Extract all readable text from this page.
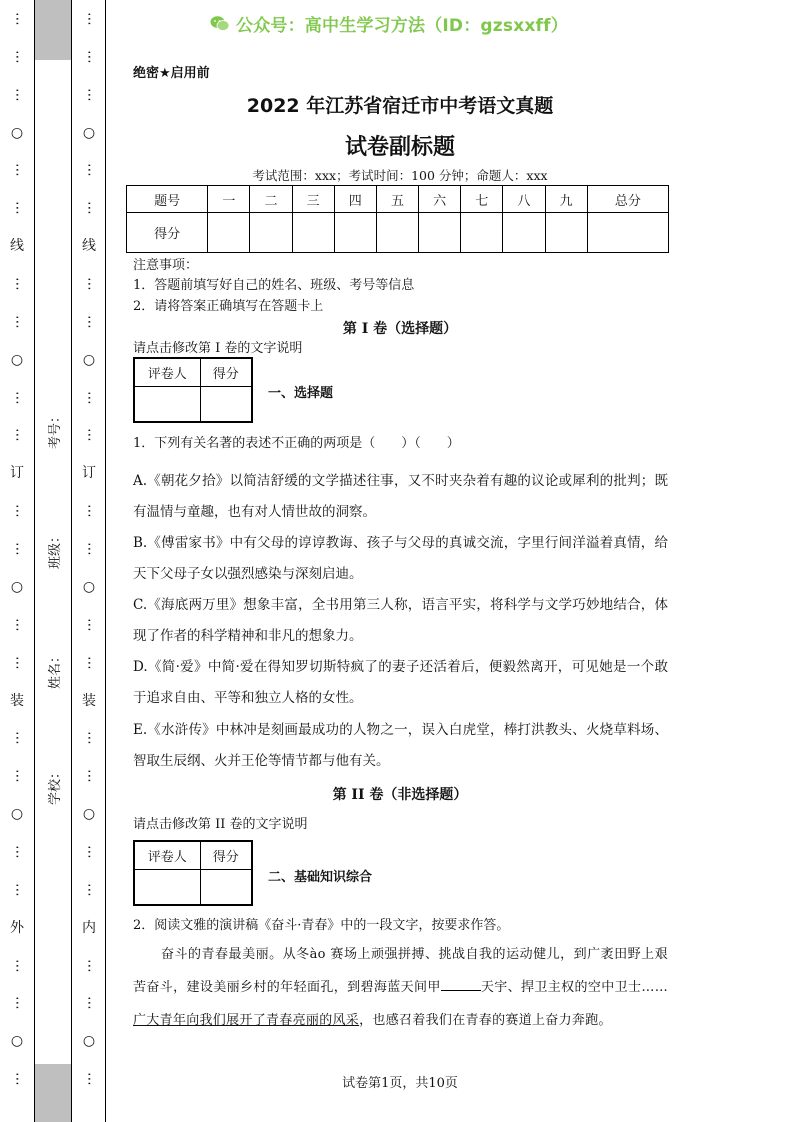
⋯
⋯
⋯
○
⋯
⋯
线
⋯
⋯
○
⋯
⋯
订
⋯
⋯
○
⋯
⋯
装
⋯
⋯
○
⋯
⋯
外
⋯
⋯
○
⋯
⋯
⋯
⋯
○
⋯
⋯
线
⋯
⋯
○
⋯
⋯
订
⋯
⋯
○
⋯
⋯
装
⋯
⋯
○
⋯
⋯
内
⋯
⋯
○
⋯
考号：
班级：
姓名：
学校：
公众号：高中生学习方法（ID：gzsxxff）
绝密★启用前
2022 年江苏省宿迁市中考语文真题
试卷副标题
考试范围：xxx；考试时间：100 分钟；命题人：xxx
题号	一	二	三	四	五	六	七	八	九	总分
得分										
注意事项：
1．答题前填写好自己的姓名、班级、考号等信息
2．请将答案正确填写在答题卡上
第 I 卷（选择题）
请点击修改第 I 卷的文字说明
评卷人	得分

一、选择题
1．下列有关名著的表述不正确的两项是（　　）（　　）
A.《朝花夕拾》以简洁舒缓的文学描述往事，又不时夹杂着有趣的议论或犀利的批判；既有温情与童趣，也有对人情世故的洞察。
B.《傅雷家书》中有父母的谆谆教诲、孩子与父母的真诚交流，字里行间洋溢着真情，给天下父母子女以强烈感染与深刻启迪。
C.《海底两万里》想象丰富，全书用第三人称，语言平实，将科学与文学巧妙地结合，体现了作者的科学精神和非凡的想象力。
D.《简·爱》中简·爱在得知罗切斯特疯了的妻子还活着后，便毅然离开，可见她是一个敢于追求自由、平等和独立人格的女性。
E.《水浒传》中林冲是刻画最成功的人物之一，误入白虎堂，棒打洪教头、火烧草料场、智取生辰纲、火并王伦等情节都与他有关。
第 II 卷（非选择题）
请点击修改第 II 卷的文字说明
评卷人	得分

二、基础知识综合
2．阅读文雅的演讲稿《奋斗·青春》中的一段文字，按要求作答。
奋斗的青春最美丽。从冬ào 赛场上顽强拼搏、挑战自我的运动健儿，到广袤田野上艰苦奋斗，建设美丽乡村的年轻面孔，到碧海蓝天间甲	天宇、捍卫主权的空中卫士……广大青年向我们展开了青春亮丽的风采，也感召着我们在青春的赛道上奋力奔跑。
试卷第1页，共10页
